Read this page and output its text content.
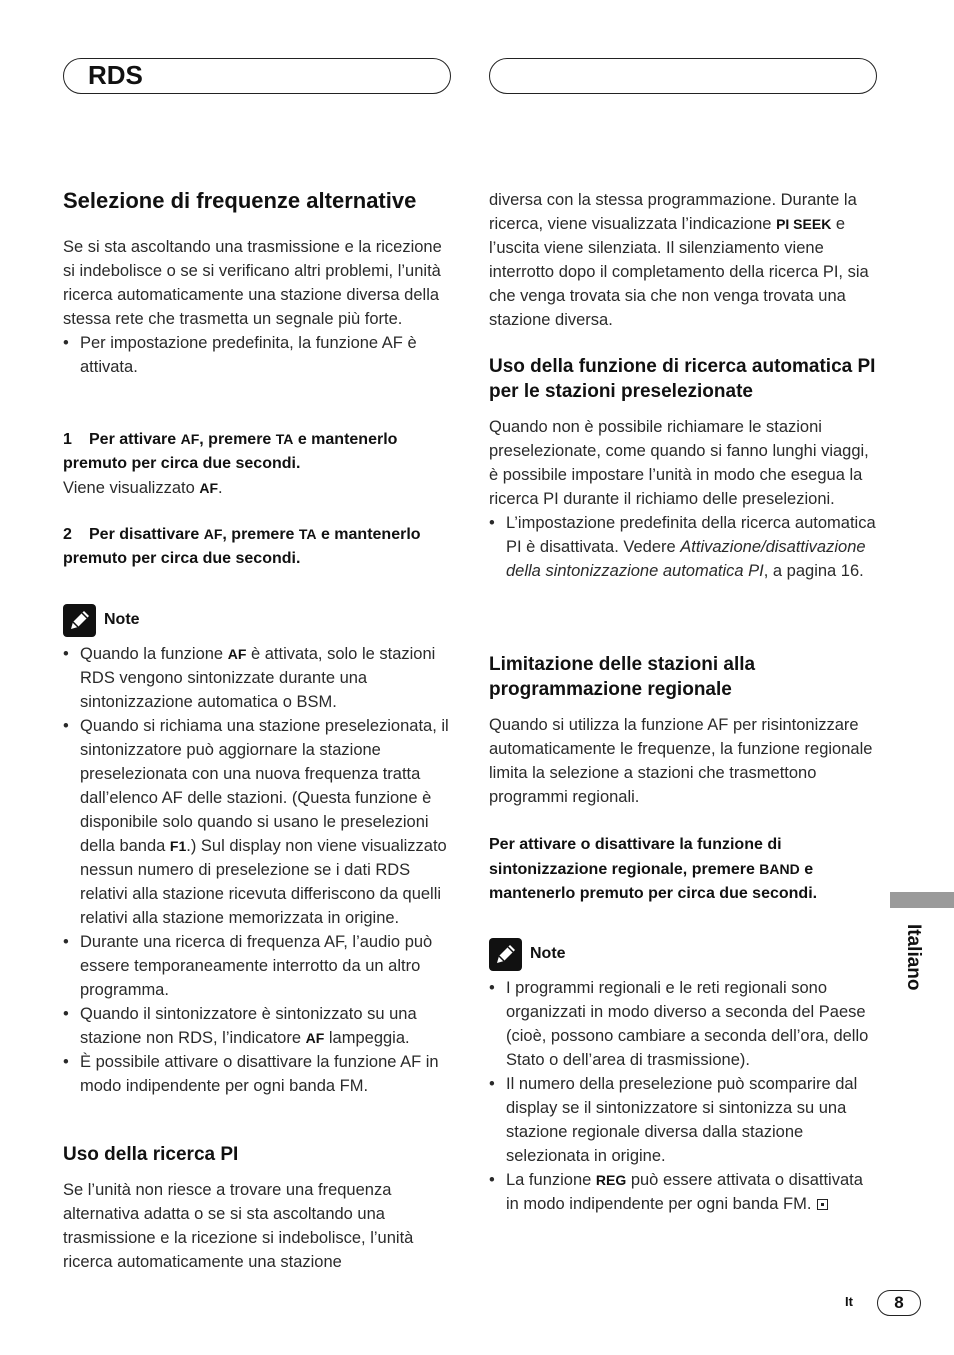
RDS
Selezione di frequenze alternative

Se si sta ascoltando una trasmissione e la ricezione si indebolisce o se si verificano altri problemi, l’unità ricerca automaticamente una stazione diversa della stessa rete che trasmetta un segnale più forte.

• Per impostazione predefinita, la funzione AF è attivata.
1 Per attivare AF, premere TA e mantenerlo premuto per circa due secondi.
Viene visualizzato AF.
2 Per disattivare AF, premere TA e mantenerlo premuto per circa due secondi.
Note
• Quando la funzione AF è attivata, solo le stazioni RDS vengono sintonizzate durante una sintonizzazione automatica o BSM.
• Quando si richiama una stazione preselezionata, il sintonizzatore può aggiornare la stazione preselezionata con una nuova frequenza tratta dall’elenco AF delle stazioni. (Questa funzione è disponibile solo quando si usano le preselezioni della banda F1.) Sul display non viene visualizzato nessun numero di preselezione se i dati RDS relativi alla stazione ricevuta differiscono da quelli relativi alla stazione memorizzata in origine.
• Durante una ricerca di frequenza AF, l’audio può essere temporaneamente interrotto da un altro programma.
• Quando il sintonizzatore è sintonizzato su una stazione non RDS, l’indicatore AF lampeggia.
• È possibile attivare o disattivare la funzione AF in modo indipendente per ogni banda FM.
Uso della ricerca PI

Se l’unità non riesce a trovare una frequenza alternativa adatta o se si sta ascoltando una trasmissione e la ricezione si indebolisce, l’unità ricerca automaticamente una stazione

diversa con la stessa programmazione. Durante la ricerca, viene visualizzata l’indicazione PI SEEK e l’uscita viene silenziata. Il silenziamento viene interrotto dopo il completamento della ricerca PI, sia che venga trovata sia che non venga trovata una stazione diversa.
Uso della funzione di ricerca automatica PI per le stazioni preselezionate

Quando non è possibile richiamare le stazioni preselezionate, come quando si fanno lunghi viaggi, è possibile impostare l’unità in modo che esegua la ricerca PI durante il richiamo delle preselezioni.

• L’impostazione predefinita della ricerca automatica PI è disattivata. Vedere Attivazione/disattivazione della sintonizzazione automatica PI, a pagina 16.
Limitazione delle stazioni alla programmazione regionale

Quando si utilizza la funzione AF per risintonizzare automaticamente le frequenze, la funzione regionale limita la selezione a stazioni che trasmettono programmi regionali.

Per attivare o disattivare la funzione di sintonizzazione regionale, premere BAND e mantenerlo premuto per circa due secondi.
Note
• I programmi regionali e le reti regionali sono organizzati in modo diverso a seconda del Paese (cioè, possono cambiare a seconda dell’ora, dello Stato o dell’area di trasmissione).
• Il numero della preselezione può scomparire dal display se il sintonizzatore si sintonizza su una stazione regionale diversa dalla stazione selezionata in origine.
• La funzione REG può essere attivata o disattivata in modo indipendente per ogni banda FM.
Italiano
It	8
